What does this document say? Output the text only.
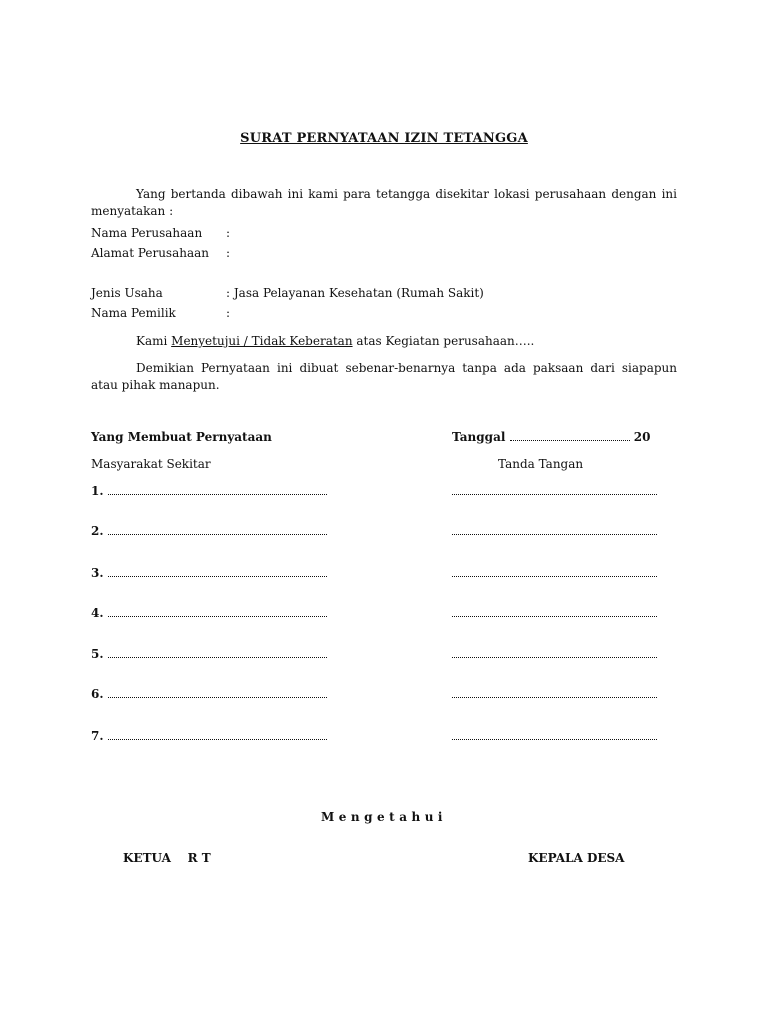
SURAT PERNYATAAN IZIN TETANGGA
Yang bertanda dibawah ini kami para tetangga disekitar lokasi perusahaan dengan ini menyatakan :
Nama Perusahaan :
Alamat Perusahaan :
Jenis Usaha	: Jasa Pelayanan Kesehatan (Rumah Sakit)
Nama Pemilik	:
Kami Menyetujui / Tidak Keberatan atas Kegiatan perusahaan…..
Demikian Pernyataan ini dibuat sebenar-benarnya tanpa ada paksaan dari siapapun atau pihak manapun.
Yang Membuat Pernyataan	Tanggal	20
Masyarakat Sekitar	Tanda Tangan
1.
2.
3.
4.
5.
6.
7.
Mengetahui
KETUA    R T	KEPALA DESA
